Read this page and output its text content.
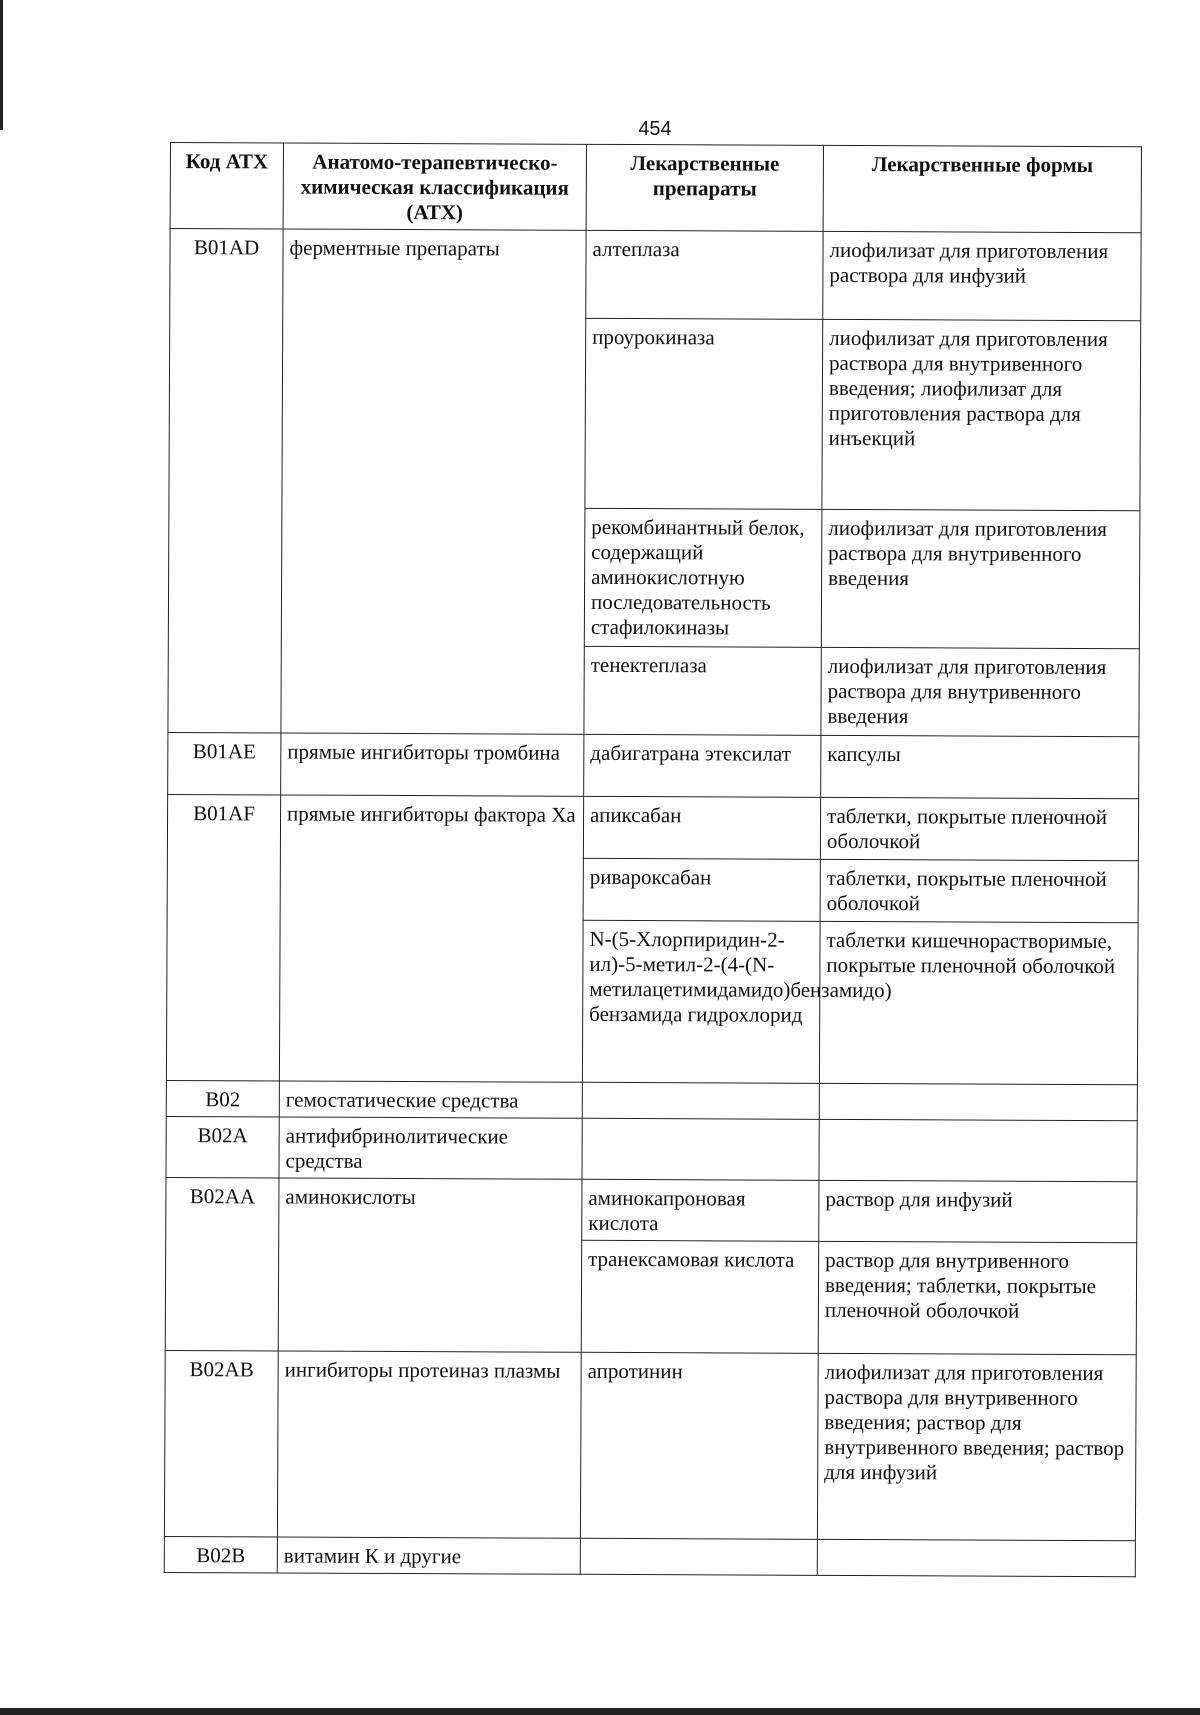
454
Код АТХ	Анатомо-терапевтическо-химическая классификация (АТХ)	Лекарственные препараты	Лекарственные формы
B01AD	ферментные препараты	алтеплаза	лиофилизат для приготовления раствора для инфузий
		проурокиназа	лиофилизат для приготовления раствора для внутривенного введения; лиофилизат для приготовления раствора для инъекций
		рекомбинантный белок, содержащий аминокислотную последовательность стафилокиназы	лиофилизат для приготовления раствора для внутривенного введения
		тенектеплаза	лиофилизат для приготовления раствора для внутривенного введения
B01AE	прямые ингибиторы тромбина	дабигатрана этексилат	капсулы
B01AF	прямые ингибиторы фактора Ха	апиксабан	таблетки, покрытые пленочной оболочкой
		ривароксабан	таблетки, покрытые пленочной оболочкой
		N-(5-Хлорпиридин-2-ил)-5-метил-2-(4-(N-метилацетимидамидо)бензамидо) бензамида гидрохлорид	таблетки кишечнорастворимые, покрытые пленочной оболочкой
B02	гемостатические средства		
B02A	антифибринолитические средства		
B02AA	аминокислоты	аминокапроновая кислота	раствор для инфузий
		транексамовая кислота	раствор для внутривенного введения; таблетки, покрытые пленочной оболочкой
B02AB	ингибиторы протеиназ плазмы	апротинин	лиофилизат для приготовления раствора для внутривенного введения; раствор для внутривенного введения; раствор для инфузий
B02B	витамин К и другие		
